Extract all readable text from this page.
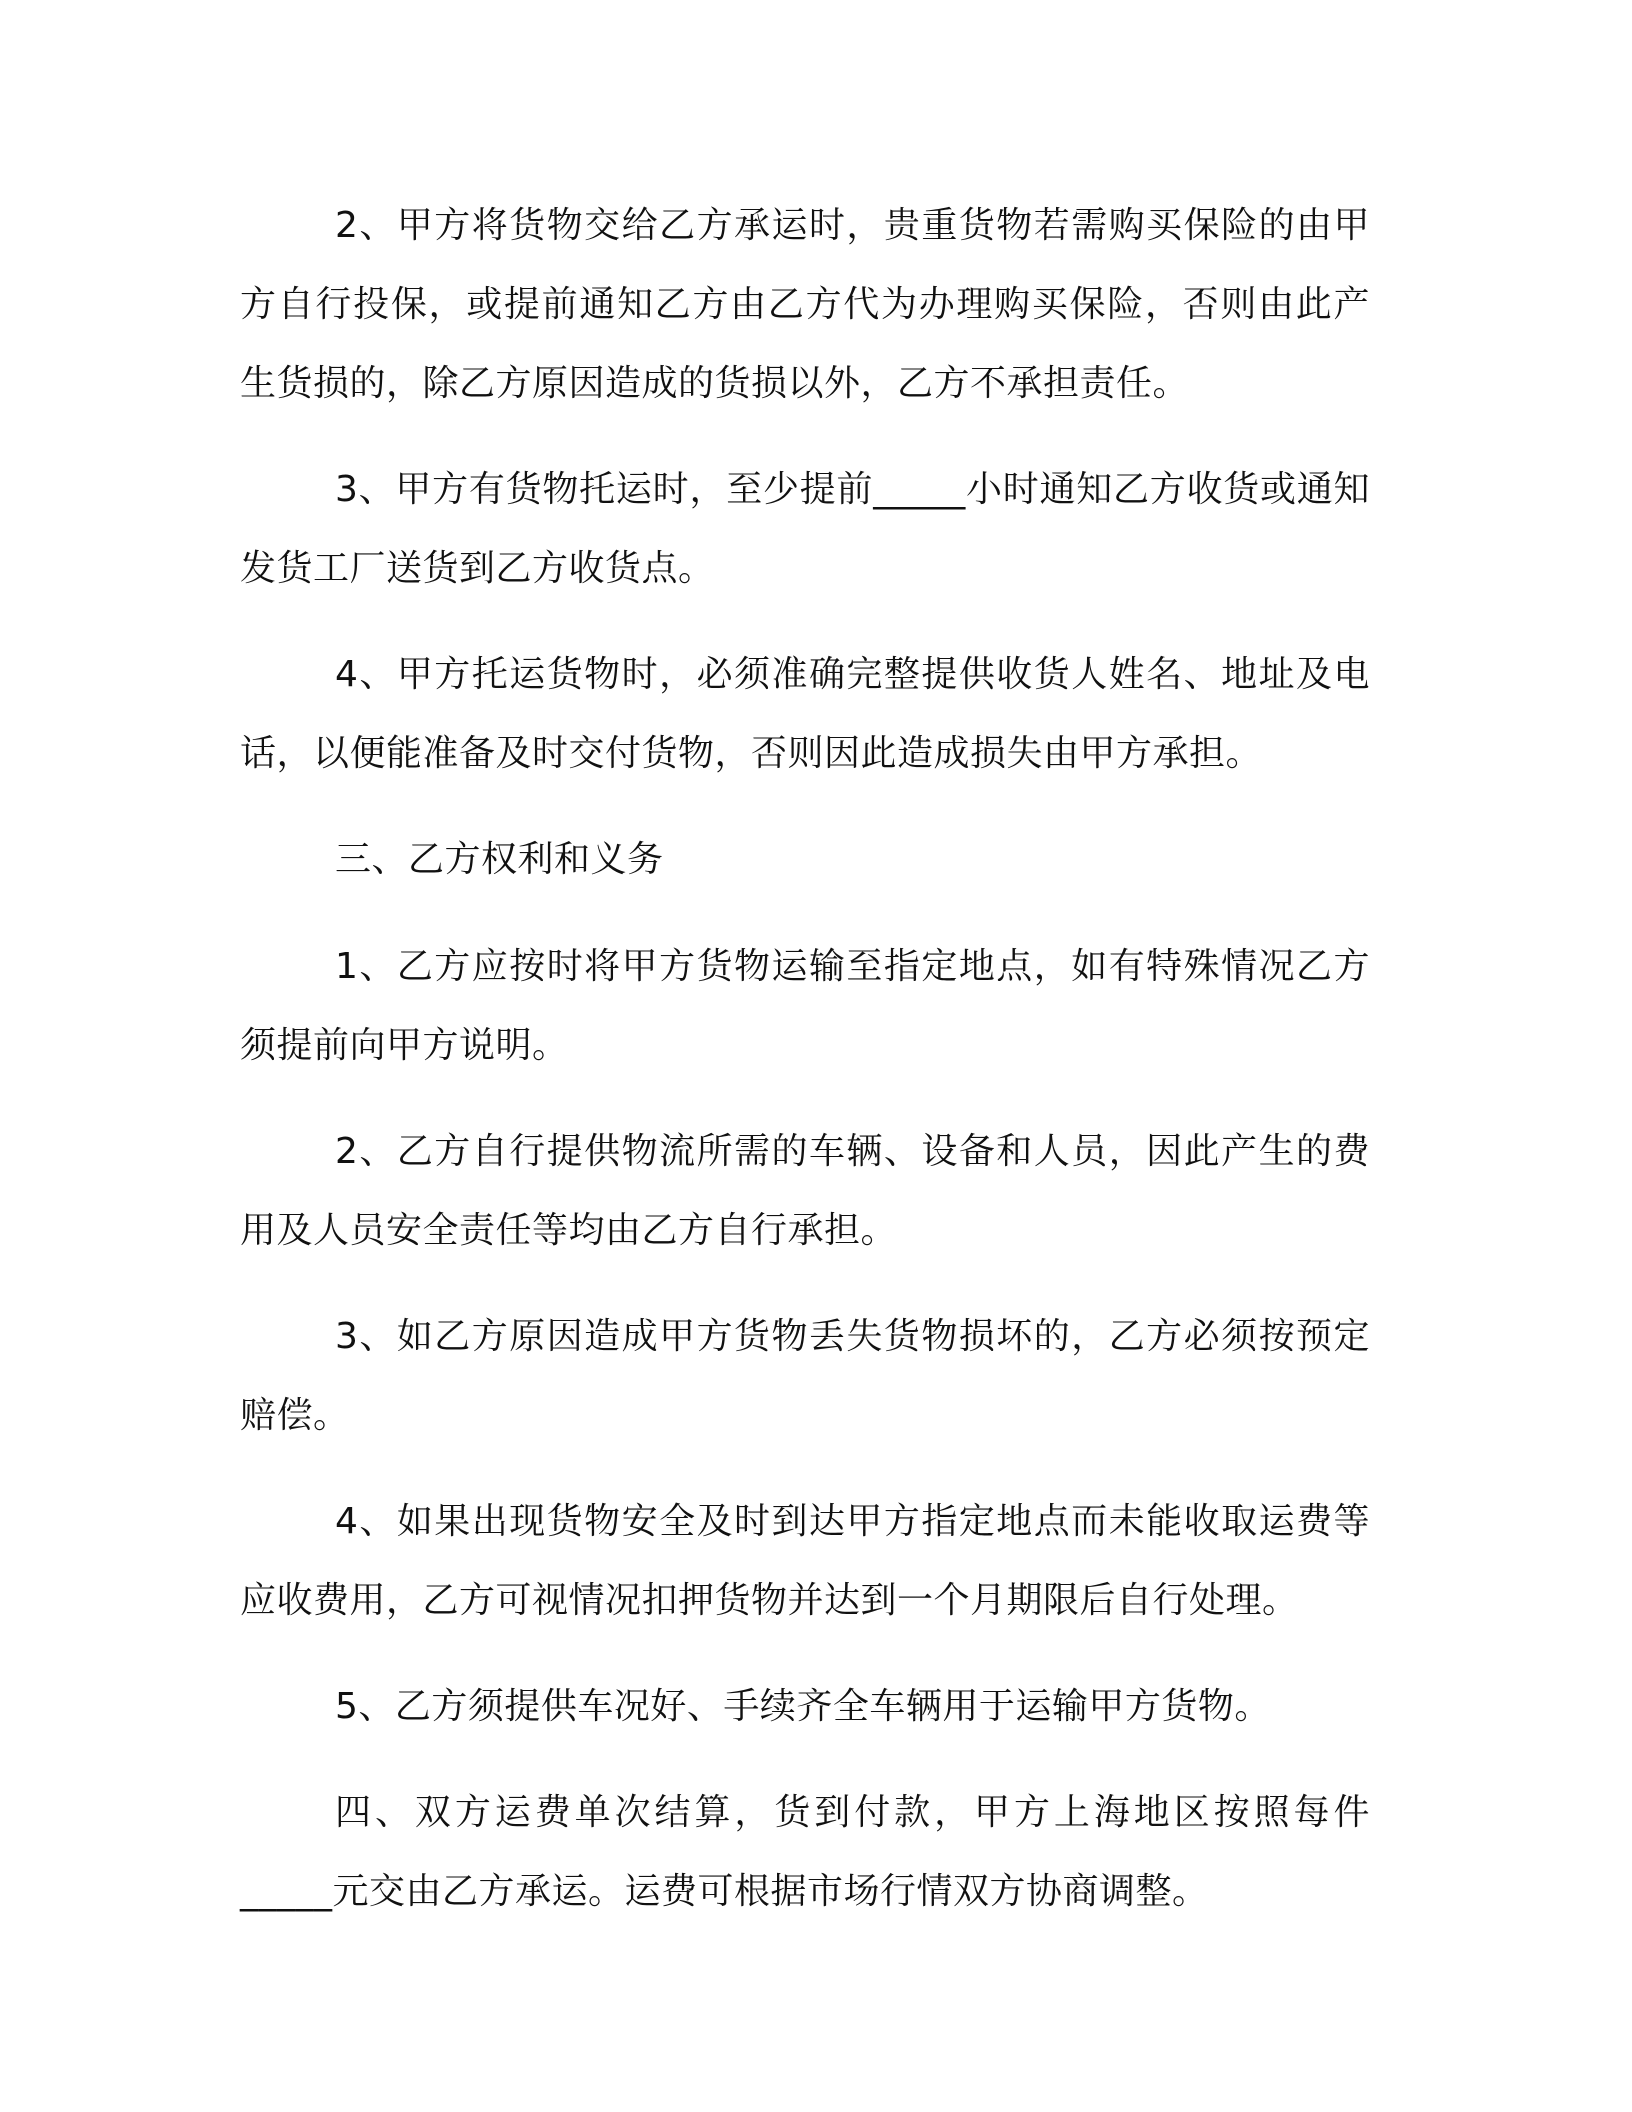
2、甲方将货物交给乙方承运时，贵重货物若需购买保险的由甲方自行投保，或提前通知乙方由乙方代为办理购买保险，否则由此产生货损的，除乙方原因造成的货损以外，乙方不承担责任。

3、甲方有货物托运时，至少提前_____小时通知乙方收货或通知发货工厂送货到乙方收货点。

4、甲方托运货物时，必须准确完整提供收货人姓名、地址及电话，以便能准备及时交付货物，否则因此造成损失由甲方承担。

三、乙方权利和义务

1、乙方应按时将甲方货物运输至指定地点，如有特殊情况乙方须提前向甲方说明。

2、乙方自行提供物流所需的车辆、设备和人员，因此产生的费用及人员安全责任等均由乙方自行承担。

3、如乙方原因造成甲方货物丢失货物损坏的，乙方必须按预定赔偿。

4、如果出现货物安全及时到达甲方指定地点而未能收取运费等应收费用，乙方可视情况扣押货物并达到一个月期限后自行处理。

5、乙方须提供车况好、手续齐全车辆用于运输甲方货物。

四、双方运费单次结算，货到付款，甲方上海地区按照每件_____元交由乙方承运。运费可根据市场行情双方协商调整。
